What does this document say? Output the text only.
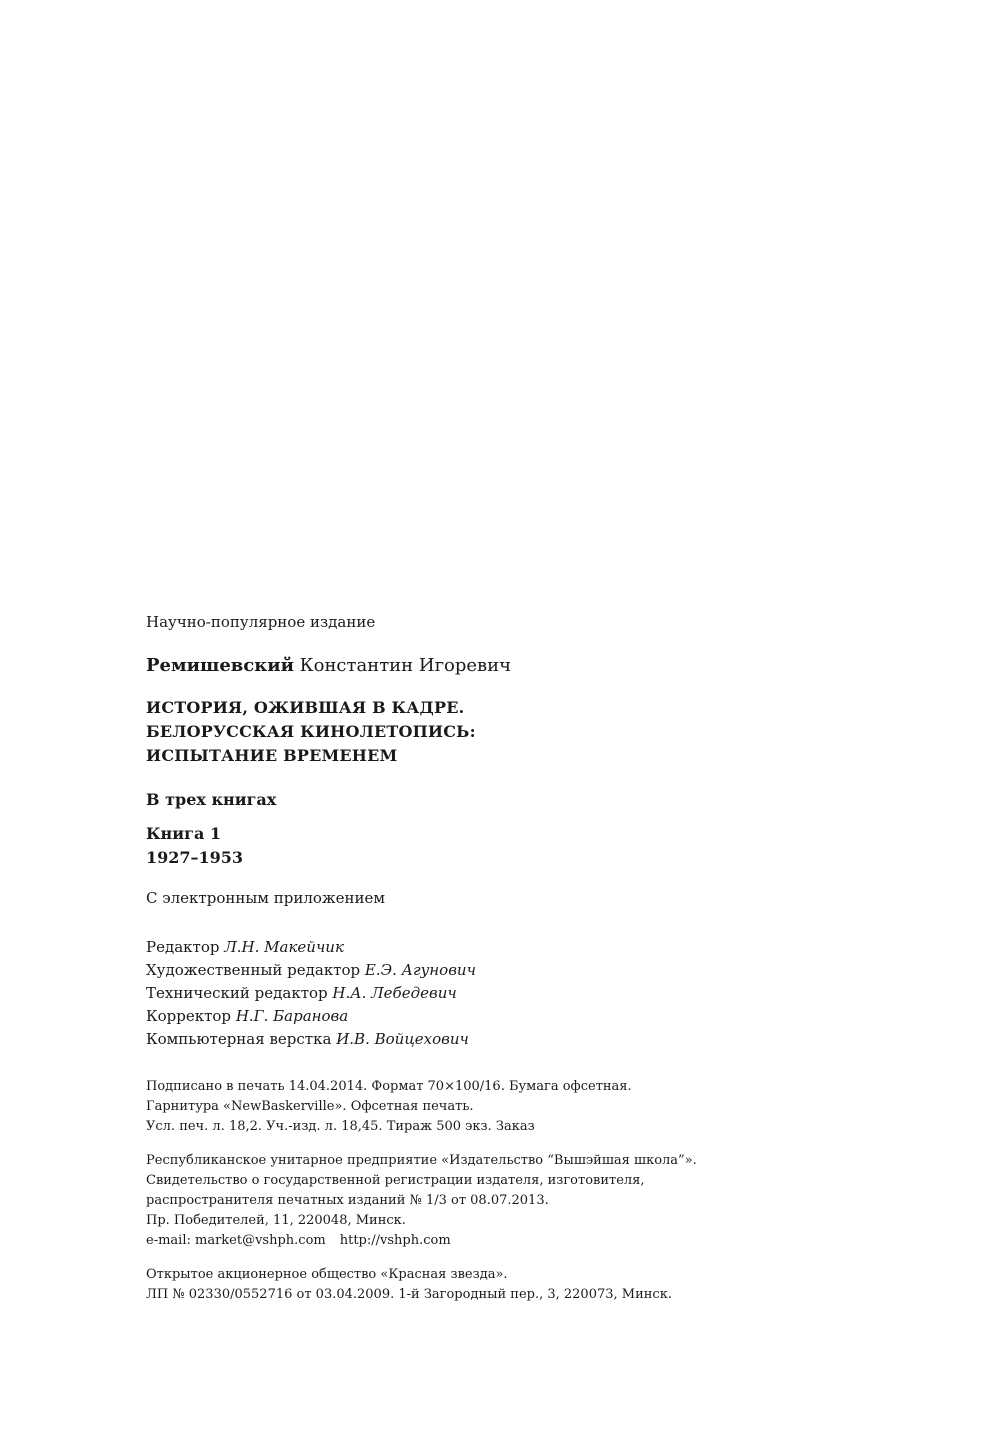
Научно-популярное издание
Ремишевский Константин Игоревич
ИСТОРИЯ, ОЖИВШАЯ В КАДРЕ.
БЕЛОРУССКАЯ КИНОЛЕТОПИСЬ:
ИСПЫТАНИЕ ВРЕМЕНЕМ
В трех книгах
Книга 1
1927–1953
С электронным приложением
Редактор Л.Н. Макейчик
Художественный редактор Е.Э. Агунович
Технический редактор Н.А. Лебедевич
Корректор Н.Г. Баранова
Компьютерная верстка И.В. Войцехович
Подписано в печать 14.04.2014. Формат 70×100/16. Бумага офсетная.
Гарнитура «NewBaskerville». Офсетная печать.
Усл. печ. л. 18,2. Уч.-изд. л. 18,45. Тираж 500 экз. Заказ
Республиканское унитарное предприятие «Издательство “Вышэйшая школа”».
Свидетельство о государственной регистрации издателя, изготовителя,
распространителя печатных изданий № 1/3 от 08.07.2013.
Пр. Победителей, 11, 220048, Минск.
e-mail: market@vshph.com http://vshph.com
Открытое акционерное общество «Красная звезда».
ЛП № 02330/0552716 от 03.04.2009. 1-й Загородный пер., 3, 220073, Минск.
